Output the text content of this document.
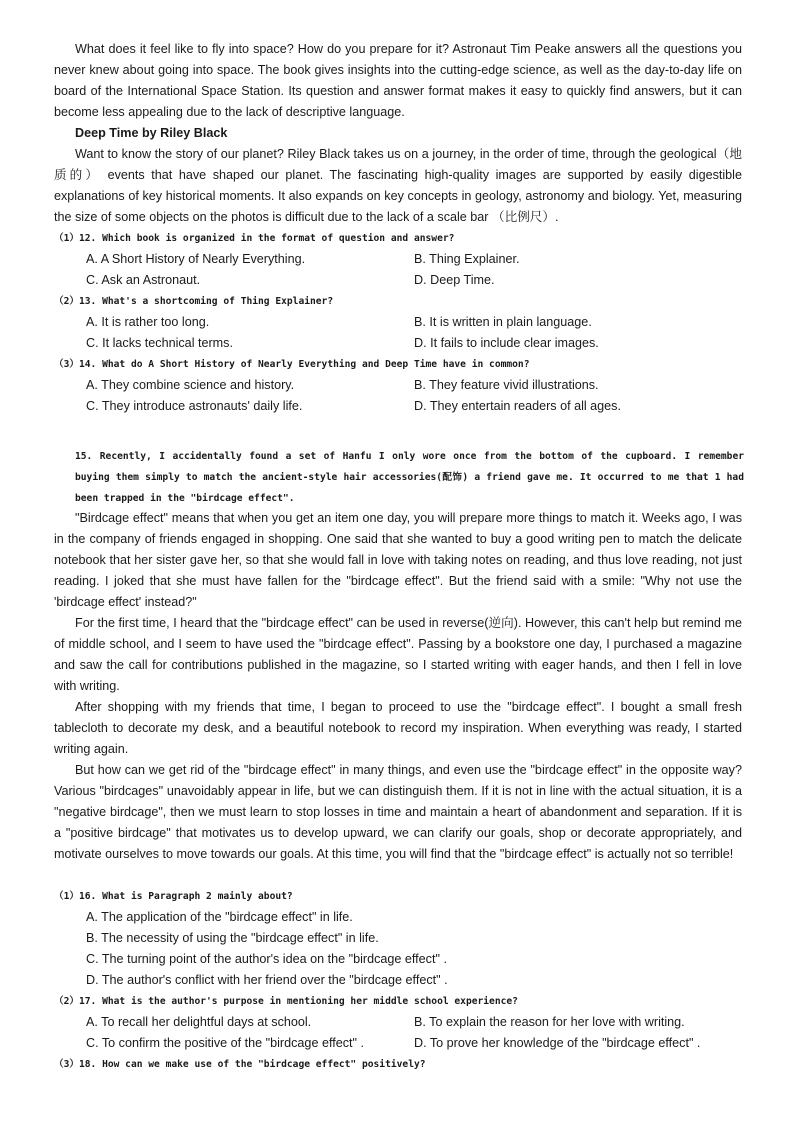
What does it feel like to fly into space? How do you prepare for it? Astronaut Tim Peake answers all the questions you never knew about going into space. The book gives insights into the cutting-edge science, as well as the day-to-day life on board of the International Space Station. Its question and answer format makes it easy to quickly find answers, but it can become less appealing due to the lack of descriptive language.

Deep Time by Riley Black

Want to know the story of our planet? Riley Black takes us on a journey, in the order of time, through the geological（地质的） events that have shaped our planet. The fascinating high-quality images are supported by easily digestible explanations of key historical moments. It also expands on key concepts in geology, astronomy and biology. Yet, measuring the size of some objects on the photos is difficult due to the lack of a scale bar （比例尺）.

（1）12. Which book is organized in the format of question and answer?
A. A Short History of Nearly Everything.	B. Thing Explainer.
C. Ask an Astronaut.	D. Deep Time.
（2）13. What's a shortcoming of Thing Explainer?
A. It is rather too long.	B. It is written in plain language.
C. It lacks technical terms.	D. It fails to include clear images.
（3）14. What do A Short History of Nearly Everything and Deep Time have in common?
A. They combine science and history.	B. They feature vivid illustrations.
C. They introduce astronauts' daily life.	D. They entertain readers of all ages.
15. Recently, I accidentally found a set of Hanfu I only wore once from the bottom of the cupboard. I remember buying them simply to match the ancient-style hair accessories(配饰) a friend gave me. It occurred to me that 1 had been trapped in the "birdcage effect".

"Birdcage effect" means that when you get an item one day, you will prepare more things to match it. Weeks ago, I was in the company of friends engaged in shopping. One said that she wanted to buy a good writing pen to match the delicate notebook that her sister gave her, so that she would fall in love with taking notes on reading, and thus love reading, not just reading. I joked that she must have fallen for the "birdcage effect". But the friend said with a smile: "Why not use the 'birdcage effect' instead?"

For the first time, I heard that the "birdcage effect" can be used in reverse(逆向). However, this can't help but remind me of middle school, and I seem to have used the "birdcage effect". Passing by a bookstore one day, I purchased a magazine and saw the call for contributions published in the magazine, so I started writing with eager hands, and then I fell in love with writing.

After shopping with my friends that time, I began to proceed to use the "birdcage effect". I bought a small fresh tablecloth to decorate my desk, and a beautiful notebook to record my inspiration. When everything was ready, I started writing again.

But how can we get rid of the "birdcage effect" in many things, and even use the "birdcage effect" in the opposite way? Various "birdcages" unavoidably appear in life, but we can distinguish them. If it is not in line with the actual situation, it is a "negative birdcage", then we must learn to stop losses in time and maintain a heart of abandonment and separation. If it is a "positive birdcage" that motivates us to develop upward, we can clarify our goals, shop or decorate appropriately, and motivate ourselves to move towards our goals. At this time, you will find that the "birdcage effect" is actually not so terrible!

（1）16. What is Paragraph 2 mainly about?
A. The application of the "birdcage effect" in life.
B. The necessity of using the "birdcage effect" in life.
C. The turning point of the author's idea on the "birdcage effect" .
D. The author's conflict with her friend over the "birdcage effect" .
（2）17. What is the author's purpose in mentioning her middle school experience?
A. To recall her delightful days at school.	B. To explain the reason for her love with writing.
C. To confirm the positive of the "birdcage effect" .	D. To prove her knowledge of the "birdcage effect" .
（3）18. How can we make use of the "birdcage effect" positively?
